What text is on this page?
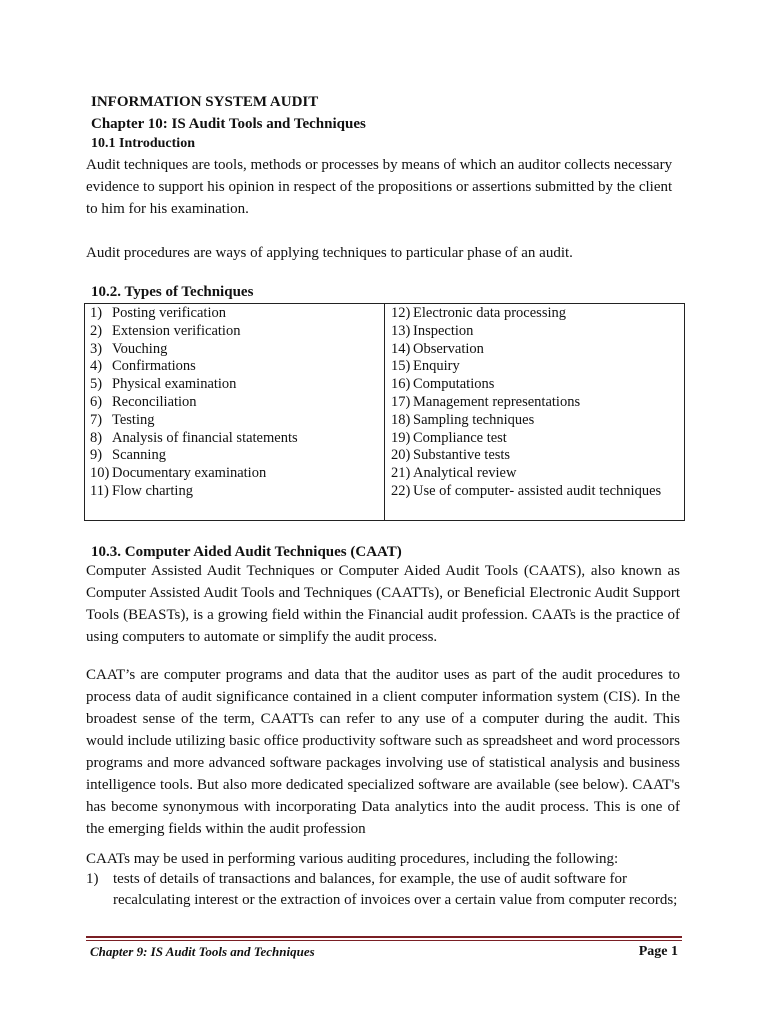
INFORMATION SYSTEM AUDIT
Chapter 10: IS Audit Tools and Techniques
10.1 Introduction

Audit techniques are tools, methods or processes by means of which an auditor collects necessary evidence to support his opinion in respect of the propositions or assertions submitted by the client to him for his examination.

Audit procedures are ways of applying techniques to particular phase of an audit.

10.2. Types of Techniques
1) Posting verification
2) Extension verification
3) Vouching
4) Confirmations
5) Physical examination
6) Reconciliation
7) Testing
8) Analysis of financial statements
9) Scanning
10) Documentary examination
11) Flow charting
12) Electronic data processing
13) Inspection
14) Observation
15) Enquiry
16) Computations
17) Management representations
18) Sampling techniques
19) Compliance test
20) Substantive tests
21) Analytical review
22) Use of computer- assisted audit techniques
10.3. Computer Aided Audit Techniques (CAAT)

Computer Assisted Audit Techniques or Computer Aided Audit Tools (CAATS), also known as Computer Assisted Audit Tools and Techniques (CAATTs), or Beneficial Electronic Audit Support Tools (BEASTs), is a growing field within the Financial audit profession. CAATs is the practice of using computers to automate or simplify the audit process.

CAAT’s are computer programs and data that the auditor uses as part of the audit procedures to process data of audit significance contained in a client computer information system (CIS). In the broadest sense of the term, CAATTs can refer to any use of a computer during the audit. This would include utilizing basic office productivity software such as spreadsheet and word processors programs and more advanced software packages involving use of statistical analysis and business intelligence tools. But also more dedicated specialized software are available (see below). CAAT's has become synonymous with incorporating Data analytics into the audit process. This is one of the emerging fields within the audit profession

CAATs may be used in performing various auditing procedures, including the following:

1) tests of details of transactions and balances, for example, the use of audit software for recalculating interest or the extraction of invoices over a certain value from computer records;
Chapter 9: IS Audit Tools and Techniques	Page 1
